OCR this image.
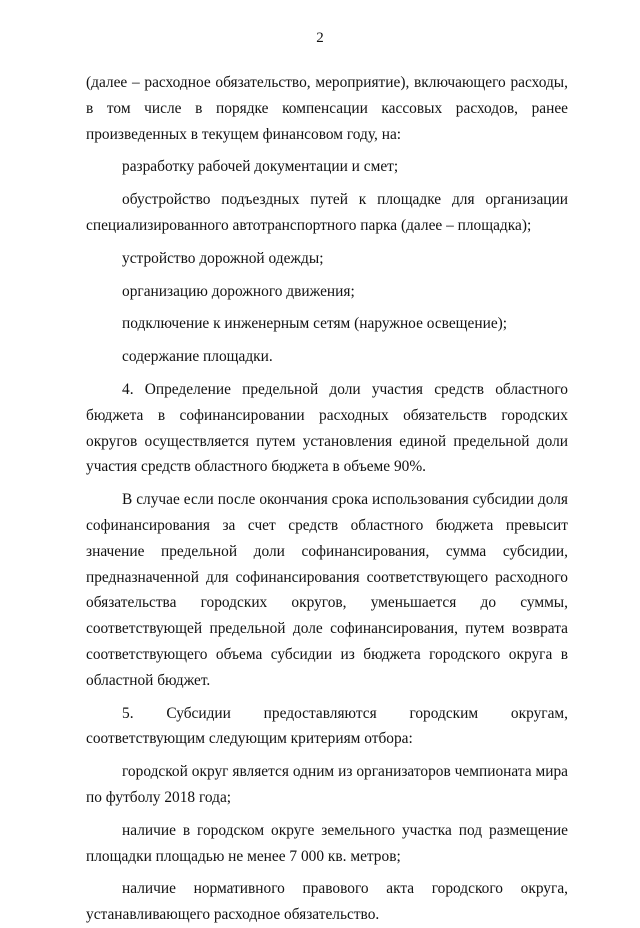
2

(далее – расходное обязательство, мероприятие), включающего расходы, в том числе в порядке компенсации кассовых расходов, ранее произведенных в текущем финансовом году, на:

разработку рабочей документации и смет;

обустройство подъездных путей к площадке для организации специализированного автотранспортного парка (далее – площадка);

устройство дорожной одежды;

организацию дорожного движения;

подключение к инженерным сетям (наружное освещение);

содержание площадки.

4. Определение предельной доли участия средств областного бюджета в софинансировании расходных обязательств городских округов осуществляется путем установления единой предельной доли участия средств областного бюджета в объеме 90%.

В случае если после окончания срока использования субсидии доля софинансирования за счет средств областного бюджета превысит значение предельной доли софинансирования, сумма субсидии, предназначенной для софинансирования соответствующего расходного обязательства городских округов, уменьшается до суммы, соответствующей предельной доле софинансирования, путем возврата соответствующего объема субсидии из бюджета городского округа в областной бюджет.

5. Субсидии предоставляются городским округам, соответствующим следующим критериям отбора:

городской округ является одним из организаторов чемпионата мира по футболу 2018 года;

наличие в городском округе земельного участка под размещение площадки площадью не менее 7 000 кв. метров;

наличие нормативного правового акта городского округа, устанавливающего расходное обязательство.
